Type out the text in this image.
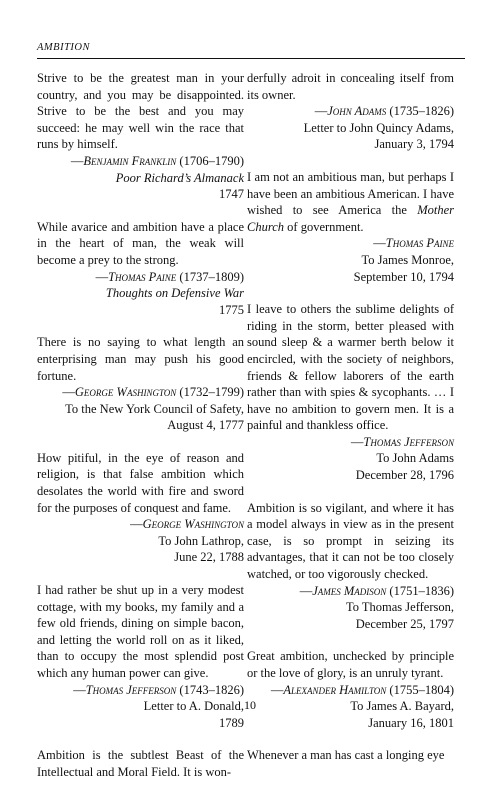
AMBITION

Strive to be the greatest man in your country, and you may be disappointed. Strive to be the best and you may succeed: he may well win the race that runs by himself.

—Benjamin Franklin (1706–1790)

Poor Richard’s Almanack

1747

While avarice and ambition have a place in the heart of man, the weak will become a prey to the strong.

—Thomas Paine (1737–1809)

Thoughts on Defensive War

1775

There is no saying to what length an enterprising man may push his good fortune.

—George Washington (1732–1799)

To the New York Council of Safety,

August 4, 1777

How pitiful, in the eye of reason and religion, is that false ambition which desolates the world with fire and sword for the purposes of conquest and fame.

—George Washington

To John Lathrop,

June 22, 1788

I had rather be shut up in a very modest cottage, with my books, my family and a few old friends, dining on simple bacon, and letting the world roll on as it liked, than to occupy the most splendid post which any human power can give.

—Thomas Jefferson (1743–1826)

Letter to A. Donald,

1789

Ambition is the subtlest Beast of the Intellectual and Moral Field. It is won-

derfully adroit in concealing itself from its owner.

—John Adams (1735–1826)

Letter to John Quincy Adams,

January 3, 1794

I am not an ambitious man, but perhaps I have been an ambitious American. I have wished to see America the Mother Church of government.

—Thomas Paine

To James Monroe,

September 10, 1794

I leave to others the sublime delights of riding in the storm, better pleased with sound sleep & a warmer berth below it encircled, with the society of neighbors, friends & fellow laborers of the earth rather than with spies & sycophants. … I have no ambition to govern men. It is a painful and thankless office.

—Thomas Jefferson

To John Adams

December 28, 1796

Ambition is so vigilant, and where it has a model always in view as in the present case, is so prompt in seizing its advantages, that it can not be too closely watched, or too vigorously checked.

—James Madison (1751–1836)

To Thomas Jefferson,

December 25, 1797

Great ambition, unchecked by principle or the love of glory, is an unruly tyrant.

—Alexander Hamilton (1755–1804)

To James A. Bayard,

January 16, 1801

Whenever a man has cast a longing eye

10
